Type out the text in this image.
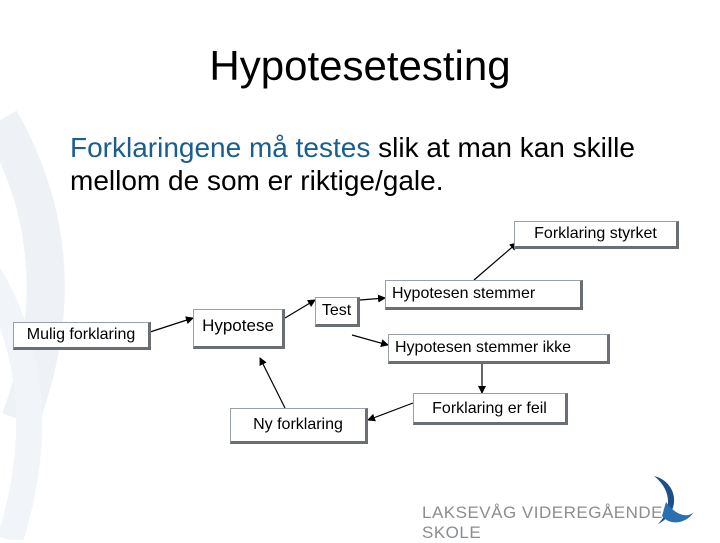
Hypotesetesting
Forklaringene må testes slik at man kan skille mellom de som er riktige/gale.
Mulig forklaring	Hypotese
Test
Ny forklaring
Hypotesen stemmer
Hypotesen stemmer ikke
Forklaring styrket
Forklaring er feil
LAKSEVÅG VIDEREGÅENDE SKOLE
